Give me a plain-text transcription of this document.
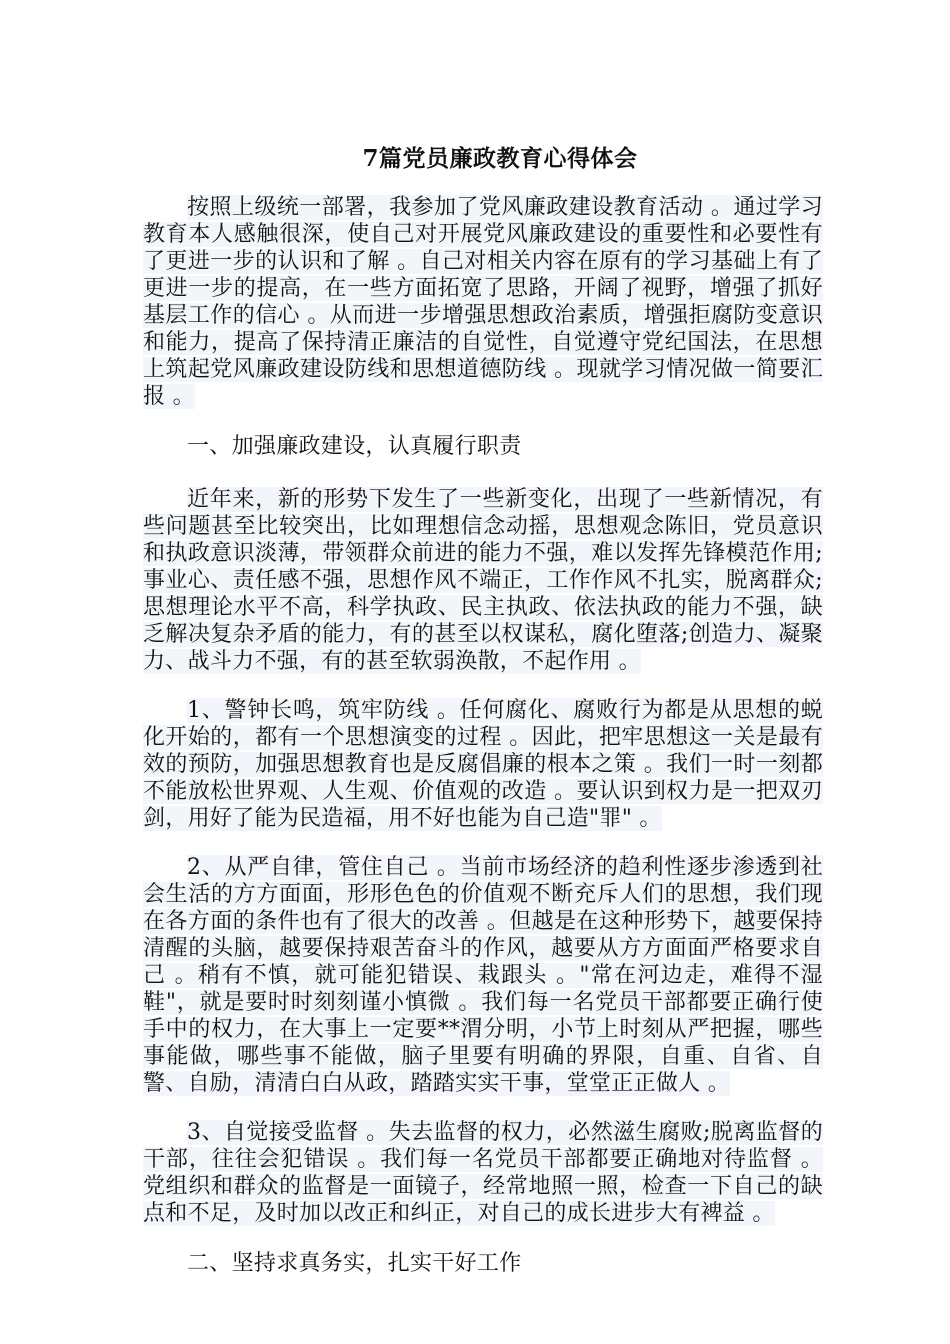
7篇党员廉政教育心得体会

按照上级统一部署，我参加了党风廉政建设教育活动 。通过学习教育本人感触很深，使自己对开展党风廉政建设的重要性和必要性有了更进一步的认识和了解 。自己对相关内容在原有的学习基础上有了更进一步的提高，在一些方面拓宽了思路，开阔了视野，增强了抓好基层工作的信心 。从而进一步增强思想政治素质，增强拒腐防变意识和能力，提高了保持清正廉洁的自觉性，自觉遵守党纪国法，在思想上筑起党风廉政建设防线和思想道德防线 。现就学习情况做一简要汇报 。

一、加强廉政建设，认真履行职责

近年来，新的形势下发生了一些新变化，出现了一些新情况，有些问题甚至比较突出，比如理想信念动摇，思想观念陈旧，党员意识和执政意识淡薄，带领群众前进的能力不强，难以发挥先锋模范作用;事业心、责任感不强，思想作风不端正，工作作风不扎实，脱离群众;思想理论水平不高，科学执政、民主执政、依法执政的能力不强，缺乏解决复杂矛盾的能力，有的甚至以权谋私，腐化堕落;创造力、凝聚力、战斗力不强，有的甚至软弱涣散，不起作用 。

1、警钟长鸣，筑牢防线 。任何腐化、腐败行为都是从思想的蜕化开始的，都有一个思想演变的过程 。因此，把牢思想这一关是最有效的预防，加强思想教育也是反腐倡廉的根本之策 。我们一时一刻都不能放松世界观、人生观、价值观的改造 。要认识到权力是一把双刃剑，用好了能为民造福，用不好也能为自己造"罪" 。

2、从严自律，管住自己 。当前市场经济的趋利性逐步渗透到社会生活的方方面面，形形色色的价值观不断充斥人们的思想，我们现在各方面的条件也有了很大的改善 。但越是在这种形势下，越要保持清醒的头脑，越要保持艰苦奋斗的作风，越要从方方面面严格要求自己 。稍有不慎，就可能犯错误、栽跟头 。"常在河边走，难得不湿鞋"，就是要时时刻刻谨小慎微 。我们每一名党员干部都要正确行使手中的权力，在大事上一定要**渭分明，小节上时刻从严把握，哪些事能做，哪些事不能做，脑子里要有明确的界限，自重、自省、自警、自励，清清白白从政，踏踏实实干事，堂堂正正做人 。

3、自觉接受监督 。失去监督的权力，必然滋生腐败;脱离监督的干部，往往会犯错误 。我们每一名党员干部都要正确地对待监督 。党组织和群众的监督是一面镜子，经常地照一照，检查一下自己的缺点和不足，及时加以改正和纠正，对自己的成长进步大有裨益 。

二、坚持求真务实，扎实干好工作
